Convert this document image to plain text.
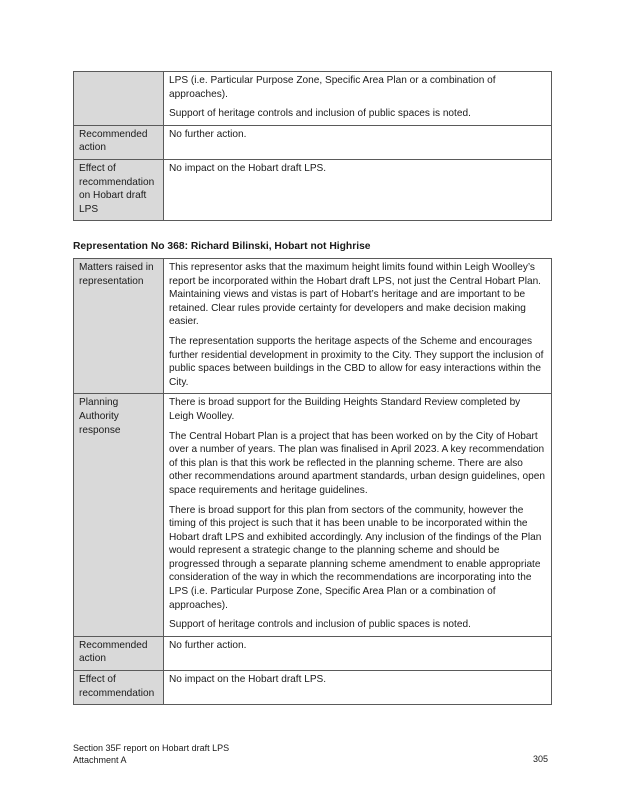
	LPS (i.e. Particular Purpose Zone, Specific Area Plan or a combination of approaches).

Support of heritage controls and inclusion of public spaces is noted.

Recommended action	No further action.

Effect of recommendation on Hobart draft LPS	No impact on the Hobart draft LPS.

Representation No 368: Richard Bilinski, Hobart not Highrise

Matters raised in representation	This representor asks that the maximum height limits found within Leigh Woolley’s report be incorporated within the Hobart draft LPS, not just the Central Hobart Plan. Maintaining views and vistas is part of Hobart’s heritage and are important to be retained. Clear rules provide certainty for developers and make decision making easier.

The representation supports the heritage aspects of the Scheme and encourages further residential development in proximity to the City. They support the inclusion of public spaces between buildings in the CBD to allow for easy interactions within the City.

Planning Authority response	There is broad support for the Building Heights Standard Review completed by Leigh Woolley.

The Central Hobart Plan is a project that has been worked on by the City of Hobart over a number of years. The plan was finalised in April 2023. A key recommendation of this plan is that this work be reflected in the planning scheme. There are also other recommendations around apartment standards, urban design guidelines, open space requirements and heritage guidelines.

There is broad support for this plan from sectors of the community, however the timing of this project is such that it has been unable to be incorporated within the Hobart draft LPS and exhibited accordingly. Any inclusion of the findings of the Plan would represent a strategic change to the planning scheme and should be progressed through a separate planning scheme amendment to enable appropriate consideration of the way in which the recommendations are incorporating into the LPS (i.e. Particular Purpose Zone, Specific Area Plan or a combination of approaches).

Support of heritage controls and inclusion of public spaces is noted.

Recommended action	No further action.

Effect of recommendation	No impact on the Hobart draft LPS.

Section 35F report on Hobart draft LPS
Attachment A	305
